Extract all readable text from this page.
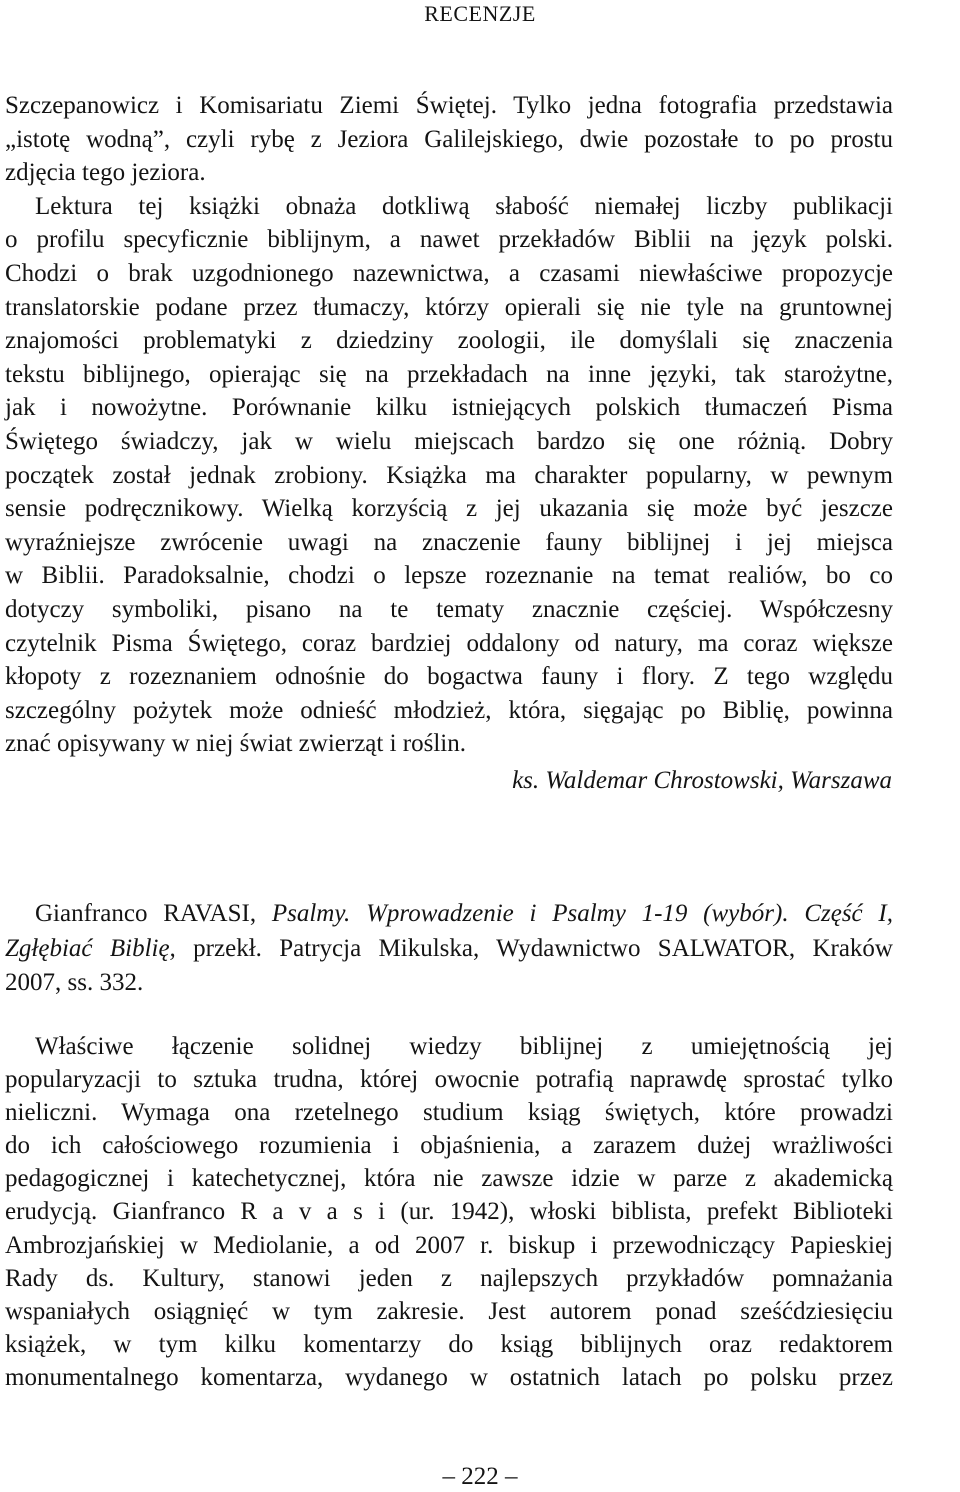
RECENZJE
Szczepanowicz i Komisariatu Ziemi Świętej. Tylko jedna fotografia przedstawia
„istotę wodną”, czyli rybę z Jeziora Galilejskiego, dwie pozostałe to po prostu
zdjęcia tego jeziora.
Lektura tej książki obnaża dotkliwą słabość niemałej liczby publikacji
o profilu specyficznie biblijnym, a nawet przekładów Biblii na język polski.
Chodzi o brak uzgodnionego nazewnictwa, a czasami niewłaściwe propozycje
translatorskie podane przez tłumaczy, którzy opierali się nie tyle na gruntownej
znajomości problematyki z dziedziny zoologii, ile domyślali się znaczenia
tekstu biblijnego, opierając się na przekładach na inne języki, tak starożytne,
jak i nowożytne. Porównanie kilku istniejących polskich tłumaczeń Pisma
Świętego świadczy, jak w wielu miejscach bardzo się one różnią. Dobry
początek został jednak zrobiony. Książka ma charakter popularny, w pewnym
sensie podręcznikowy. Wielką korzyścią z jej ukazania się może być jeszcze
wyraźniejsze zwrócenie uwagi na znaczenie fauny biblijnej i jej miejsca
w Biblii. Paradoksalnie, chodzi o lepsze rozeznanie na temat realiów, bo co
dotyczy symboliki, pisano na te tematy znacznie częściej. Współczesny
czytelnik Pisma Świętego, coraz bardziej oddalony od natury, ma coraz większe
kłopoty z rozeznaniem odnośnie do bogactwa fauny i flory. Z tego względu
szczególny pożytek może odnieść młodzież, która, sięgając po Biblię, powinna
znać opisywany w niej świat zwierząt i roślin.
ks. Waldemar Chrostowski, Warszawa
Gianfranco RAVASI, Psalmy. Wprowadzenie i Psalmy 1-19 (wybór). Część I,
Zgłębiać Biblię, przekł. Patrycja Mikulska, Wydawnictwo SALWATOR, Kraków
2007, ss. 332.
Właściwe łączenie solidnej wiedzy biblijnej z umiejętnością jej
popularyzacji to sztuka trudna, której owocnie potrafią naprawdę sprostać tylko
nieliczni. Wymaga ona rzetelnego studium ksiąg świętych, które prowadzi
do ich całościowego rozumienia i objaśnienia, a zarazem dużej wrażliwości
pedagogicznej i katechetycznej, która nie zawsze idzie w parze z akademicką
erudycją. Gianfranco R a v a s i (ur. 1942), włoski biblista, prefekt Biblioteki
Ambrozjańskiej w Mediolanie, a od 2007 r. biskup i przewodniczący Papieskiej
Rady ds. Kultury, stanowi jeden z najlepszych przykładów pomnażania
wspaniałych osiągnięć w tym zakresie. Jest autorem ponad sześćdziesięciu
książek, w tym kilku komentarzy do ksiąg biblijnych oraz redaktorem
monumentalnego komentarza, wydanego w ostatnich latach po polsku przez
– 222 –
